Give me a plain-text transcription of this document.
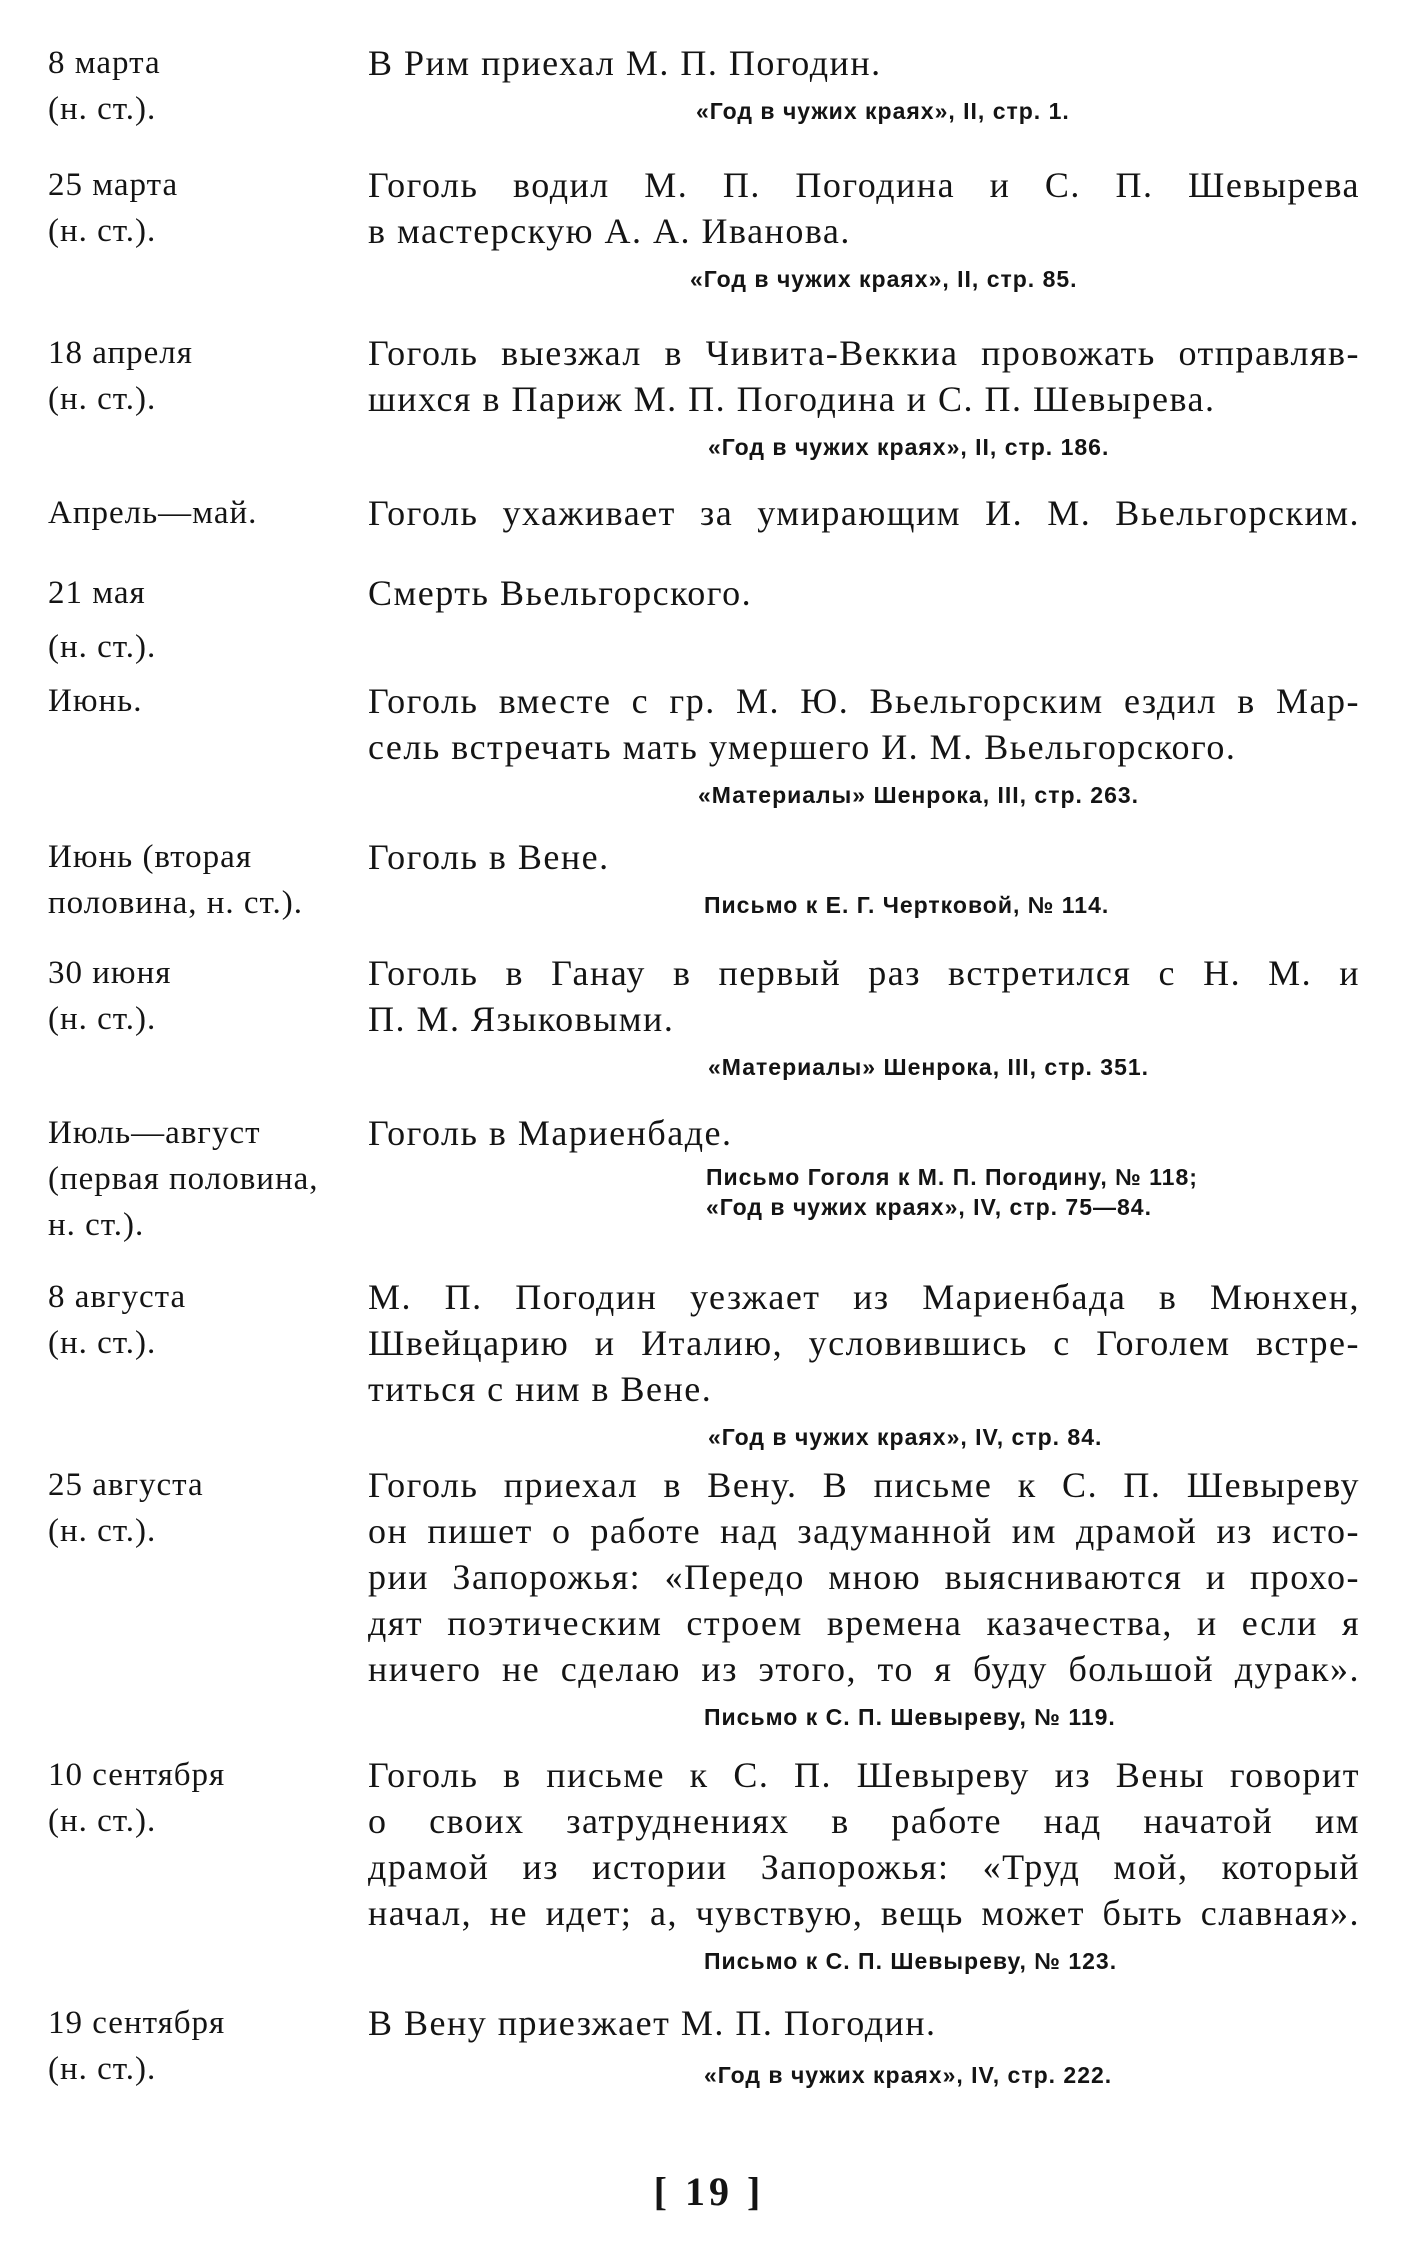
8 марта
(н. ст.).
В Рим приехал М. П. Погодин.
«Год в чужих краях», II, стр. 1.
25 марта
(н. ст.).
Гоголь водил М. П. Погодина и С. П. Шевырева
в мастерскую А. А. Иванова.
«Год в чужих краях», II, стр. 85.
18 апреля
(н. ст.).
Гоголь выезжал в Чивита-Веккиа провожать отправляв-
шихся в Париж М. П. Погодина и С. П. Шевырева.
«Год в чужих краях», II, стр. 186.
Апрель—май.	Гоголь ухаживает за умирающим И. М. Вьельгорским.
21 мая
(н. ст.).
Смерть Вьельгорского.
Июнь.	Гоголь вместе с гр. М. Ю. Вьельгорским ездил в Мар-
сель встречать мать умершего И. М. Вьельгорского.
«Материалы» Шенрока, III, стр. 263.
Июнь (вторая
половина, н. ст.).
Гоголь в Вене.
Письмо к Е. Г. Чертковой, № 114.
30 июня
(н. ст.).
Гоголь в Ганау в первый раз встретился с Н. М. и
П. М. Языковыми.
«Материалы» Шенрока, III, стр. 351.
Июль—август
(первая половина,
н. ст.).
Гоголь в Мариенбаде.
Письмо Гоголя к М. П. Погодину, № 118;
«Год в чужих краях», IV, стр. 75—84.
8 августа
(н. ст.).
М. П. Погодин уезжает из Мариенбада в Мюнхен,
Швейцарию и Италию, условившись с Гоголем встре-
титься с ним в Вене.
«Год в чужих краях», IV, стр. 84.
25 августа
(н. ст.).
Гоголь приехал в Вену. В письме к С. П. Шевыреву
он пишет о работе над задуманной им драмой из исто-
рии Запорожья: «Передо мною выясниваются и прохо-
дят поэтическим строем времена казачества, и если я
ничего не сделаю из этого, то я буду большой дурак».
Письмо к С. П. Шевыреву, № 119.
10 сентября
(н. ст.).
Гоголь в письме к С. П. Шевыреву из Вены говорит
о своих затруднениях в работе над начатой им
драмой из истории Запорожья: «Труд мой, который
начал, не идет; а, чувствую, вещь может быть славная».
Письмо к С. П. Шевыреву, № 123.
19 сентября
(н. ст.).
В Вену приезжает М. П. Погодин.
«Год в чужих краях», IV, стр. 222.
[ 19 ]
